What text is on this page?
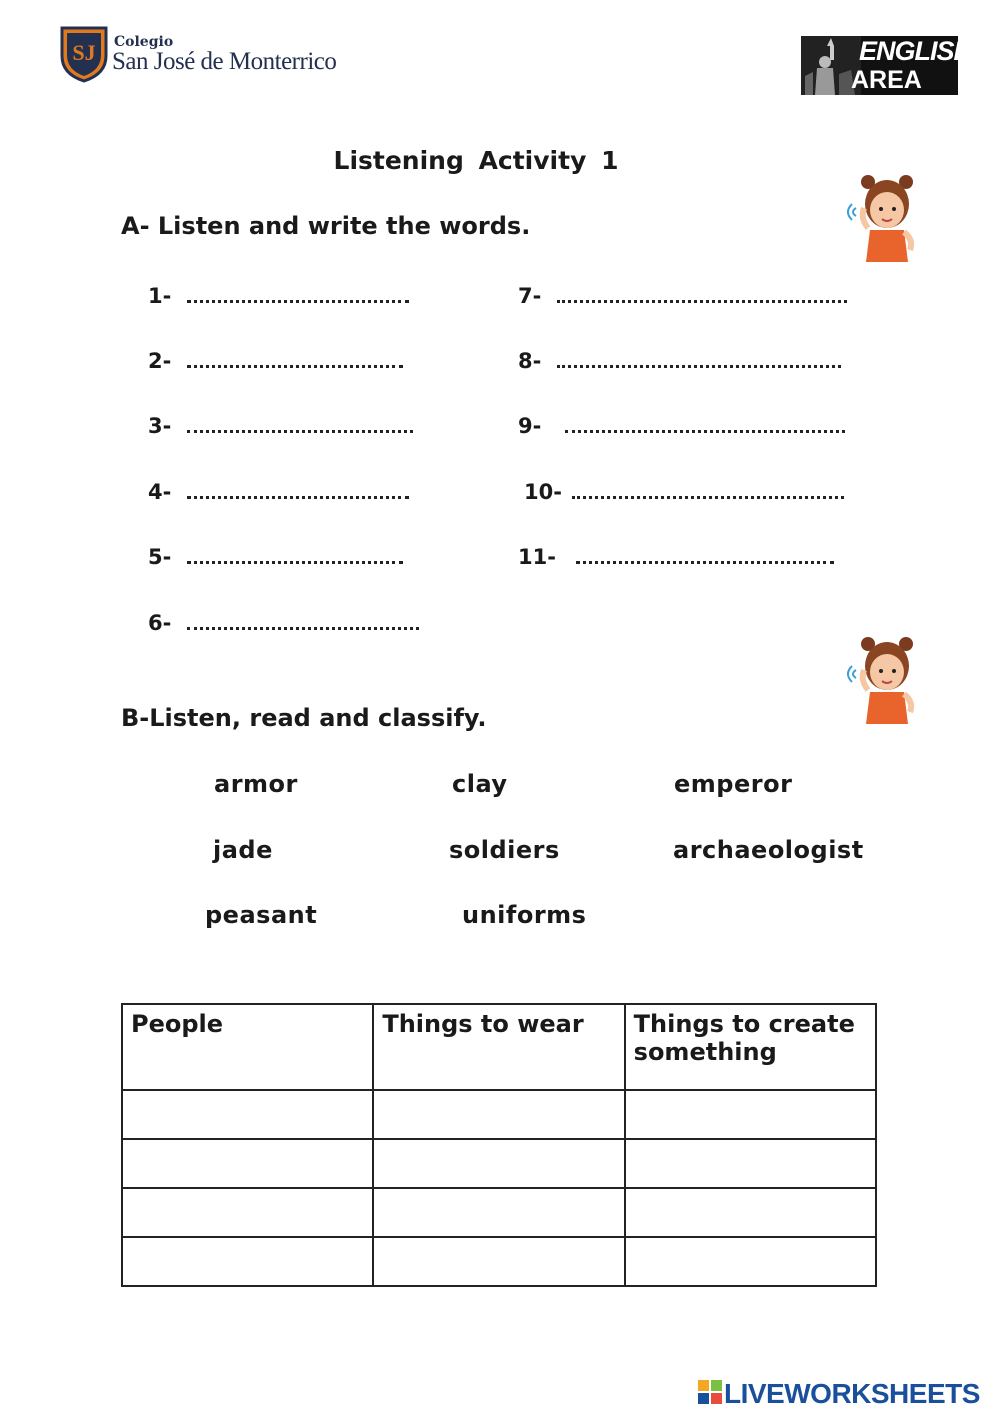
SJ Colegio
San José de Monterrico	ENGLISH
AREA
Listening Activity 1
A- Listen and write the words.
1-
2-
3-
4-
5-
6-
7-
8-
9-
10-
11-
B-Listen, read and classify.
armor	clay	emperor
jade	soldiers	archaeologist
peasant	uniforms
People	Things to wear	Things to create something

LIVEWORKSHEETS
